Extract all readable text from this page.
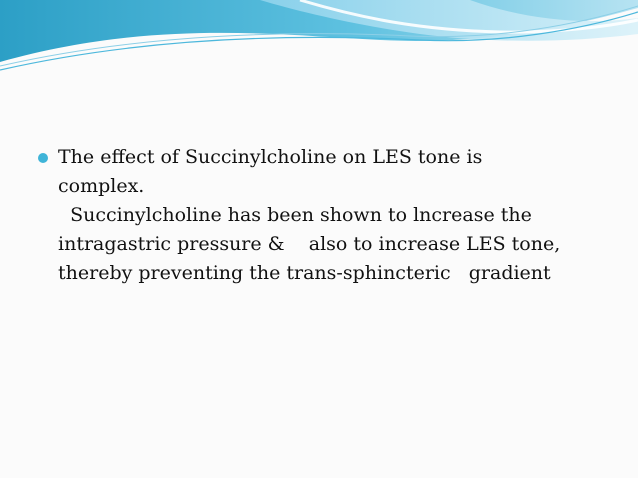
The effect of Succinylcholine on LES tone is
complex.
Succinylcholine has been shown to lncrease the
intragastric pressure &    also to increase LES tone,
thereby preventing the trans-sphincteric   gradient
